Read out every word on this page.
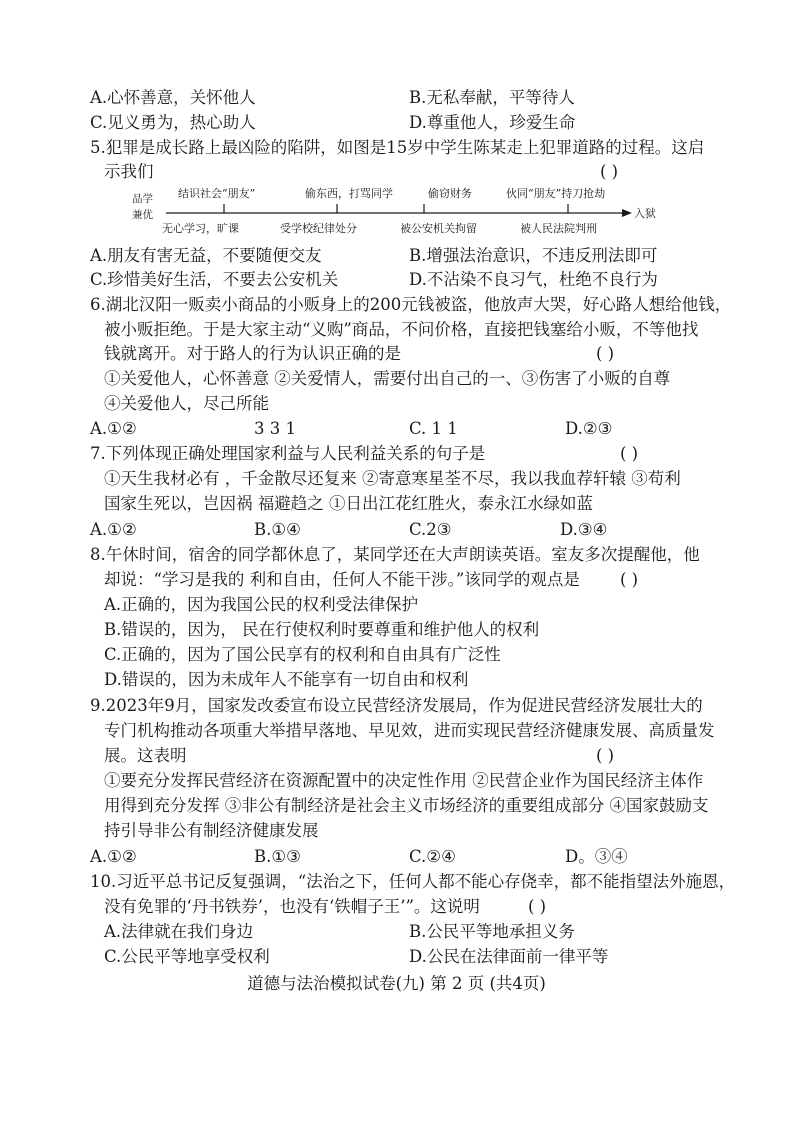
A.心怀善意，关怀他人	B.无私奉献，平等待人
C.见义勇为，热心助人	D.尊重他人，珍爱生命
5.犯罪是成长路上最凶险的陷阱，如图是15岁中学生陈某走上犯罪道路的过程。这启
示我们	( )
品学
兼优	入狱
结识社会“朋友”	偷东西，打骂同学	偷窃财务	伙同“朋友”持刀抢劫
无心学习，旷课	受学校纪律处分	被公安机关拘留	被人民法院判刑
A.朋友有害无益，不要随便交友	B.增强法治意识，不违反刑法即可
C.珍惜美好生活，不要去公安机关	D.不沾染不良习气，杜绝不良行为
6.湖北汉阳一贩卖小商品的小贩身上的200元钱被盗，他放声大哭，好心路人想给他钱，
被小贩拒绝。于是大家主动“义购”商品，不问价格，直接把钱塞给小贩，不等他找
钱就离开。对于路人的行为认识正确的是	( )
①关爱他人，心怀善意 ②关爱情人，需要付出自己的一、③伤害了小贩的自尊
④关爱他人，尽己所能
A.①②	3 3 1	C. 1 1	D.②③
7.下列体现正确处理国家利益与人民利益关系的句子是	( )
①天生我材必有 ，千金散尽还复来 ②寄意寒星荃不尽，我以我血荐轩辕 ③苟利
国家生死以，岂因祸 福避趋之 ①日出江花红胜火，泰永江水绿如蓝
A.①②	B.①④	C.2③	D.③④
8.午休时间，宿舍的同学都休息了，某同学还在大声朗读英语。室友多次提醒他，他
却说：“学习是我的 利和自由，任何人不能干涉。”该同学的观点是 ( )
A.正确的，因为我国公民的权利受法律保护
B.错误的，因为， 民在行使权利时要尊重和维护他人的权利
C.正确的，因为了国公民享有的权利和自由具有广泛性
D.错误的，因为未成年人不能享有一切自由和权利
9.2023年9月，国家发改委宣布设立民营经济发展局，作为促进民营经济发展壮大的
专门机构推动各项重大举措早落地、早见效，进而实现民营经济健康发展、高质量发
展。这表明	( )
①要充分发挥民营经济在资源配置中的决定性作用 ②民营企业作为国民经济主体作
用得到充分发挥 ③非公有制经济是社会主义市场经济的重要组成部分 ④国家鼓励支
持引导非公有制经济健康发展
A.①②	B.①③	C.②④	D。③④
10.习近平总书记反复强调，“法治之下，任何人都不能心存侥幸，都不能指望法外施恩，
没有免罪的‘丹书铁券’，也没有‘铁帽子王’”。这说明	( )
A.法律就在我们身边	B.公民平等地承担义务
C.公民平等地享受权利	D.公民在法律面前一律平等
道德与法治模拟试卷(九) 第 2 页 (共4页)
